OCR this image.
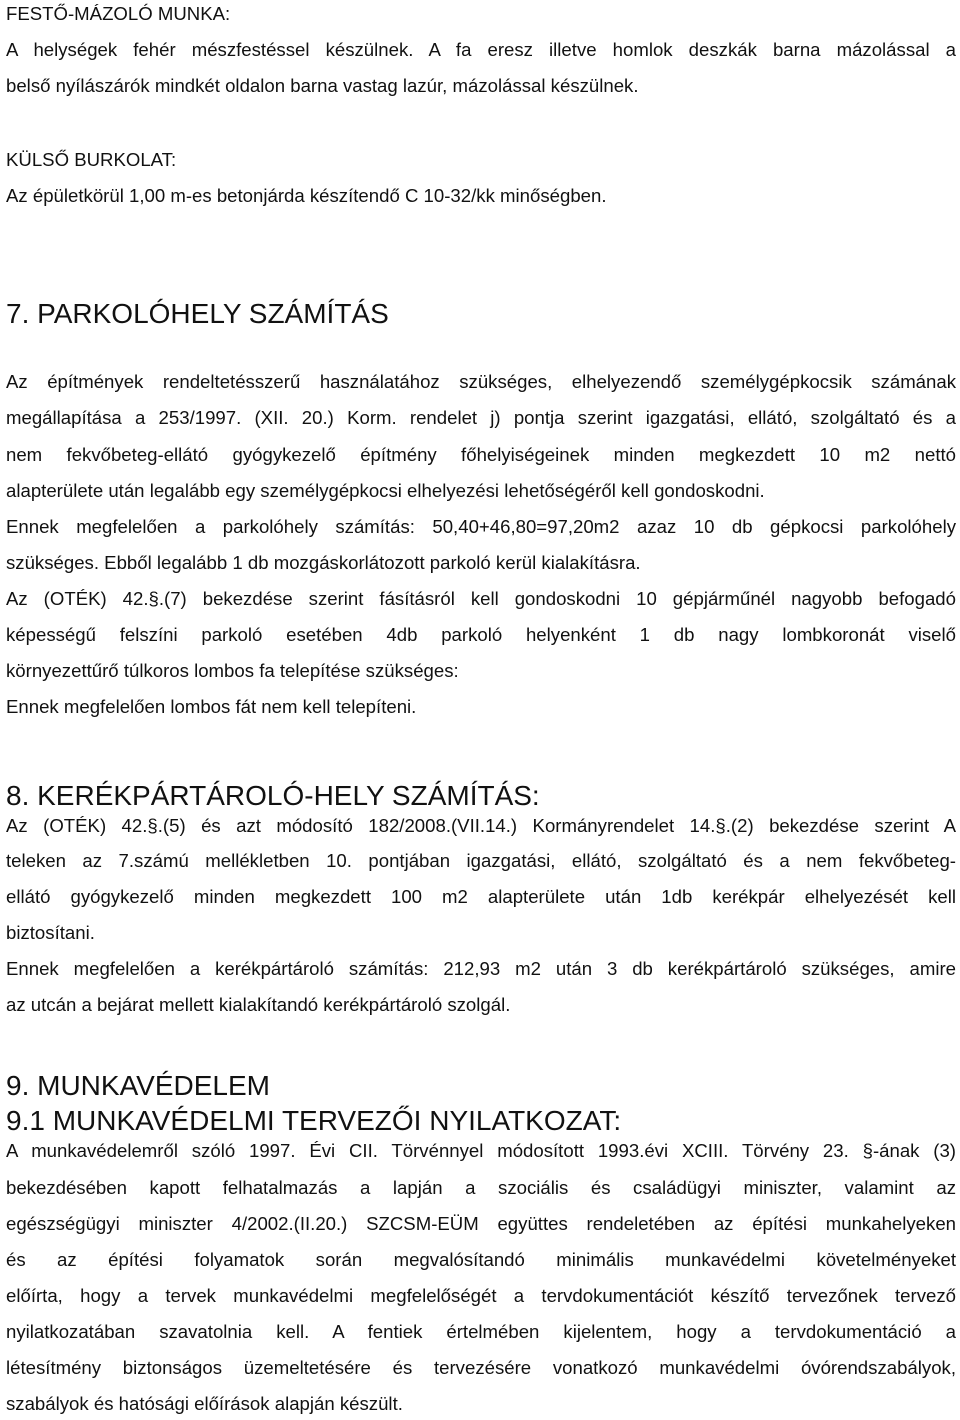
FESTŐ-MÁZOLÓ MUNKA:
A helységek fehér mészfestéssel készülnek. A fa eresz illetve homlok deszkák barna mázolással a
belső nyílászárók mindkét oldalon barna vastag lazúr, mázolással készülnek.
KÜLSŐ BURKOLAT:
Az épületkörül 1,00 m-es betonjárda készítendő C 10-32/kk minőségben.
7. PARKOLÓHELY SZÁMÍTÁS
Az építmények rendeltetésszerű használatához szükséges, elhelyezendő személygépkocsik számának
megállapítása a 253/1997. (XII. 20.) Korm. rendelet j) pontja szerint igazgatási, ellátó, szolgáltató és a
nem fekvőbeteg-ellátó gyógykezelő építmény főhelyiségeinek minden megkezdett 10 m2 nettó
alapterülete után legalább egy személygépkocsi elhelyezési lehetőségéről kell gondoskodni.
Ennek megfelelően a parkolóhely számítás: 50,40+46,80=97,20m2 azaz 10 db gépkocsi parkolóhely
szükséges. Ebből legalább 1 db mozgáskorlátozott parkoló kerül kialakításra.
Az (OTÉK) 42.§.(7) bekezdése szerint fásításról kell gondoskodni 10 gépjárműnél nagyobb befogadó
képességű felszíni parkoló esetében 4db parkoló helyenként 1 db nagy lombkoronát viselő
környezettűrő túlkoros lombos fa telepítése szükséges:
Ennek megfelelően lombos fát nem kell telepíteni.
8. KERÉKPÁRTÁROLÓ-HELY SZÁMÍTÁS:
Az (OTÉK) 42.§.(5) és azt módosító 182/2008.(VII.14.) Kormányrendelet 14.§.(2) bekezdése szerint A
teleken az 7.számú mellékletben 10. pontjában igazgatási, ellátó, szolgáltató és a nem fekvőbeteg-
ellátó gyógykezelő minden megkezdett 100 m2 alapterülete után 1db kerékpár elhelyezését kell
biztosítani.
Ennek megfelelően a kerékpártároló számítás: 212,93 m2 után 3 db kerékpártároló szükséges, amire
az utcán a bejárat mellett kialakítandó kerékpártároló szolgál.
9. MUNKAVÉDELEM
9.1 MUNKAVÉDELMI TERVEZŐI NYILATKOZAT:
A munkavédelemről szóló 1997. Évi CII. Törvénnyel módosított 1993.évi XCIII. Törvény 23. §-ának (3)
bekezdésében kapott felhatalmazás a lapján a szociális és családügyi miniszter, valamint az
egészségügyi miniszter 4/2002.(II.20.) SZCSM-EÜM együttes rendeletében az építési munkahelyeken
és az építési folyamatok során megvalósítandó minimális munkavédelmi követelményeket
előírta, hogy a tervek munkavédelmi megfelelőségét a tervdokumentációt készítő tervezőnek tervező
nyilatkozatában szavatolnia kell. A fentiek értelmében kijelentem, hogy a tervdokumentáció a
létesítmény biztonságos üzemeltetésére és tervezésére vonatkozó munkavédelmi óvórendszabályok,
szabályok és hatósági előírások alapján készült.
